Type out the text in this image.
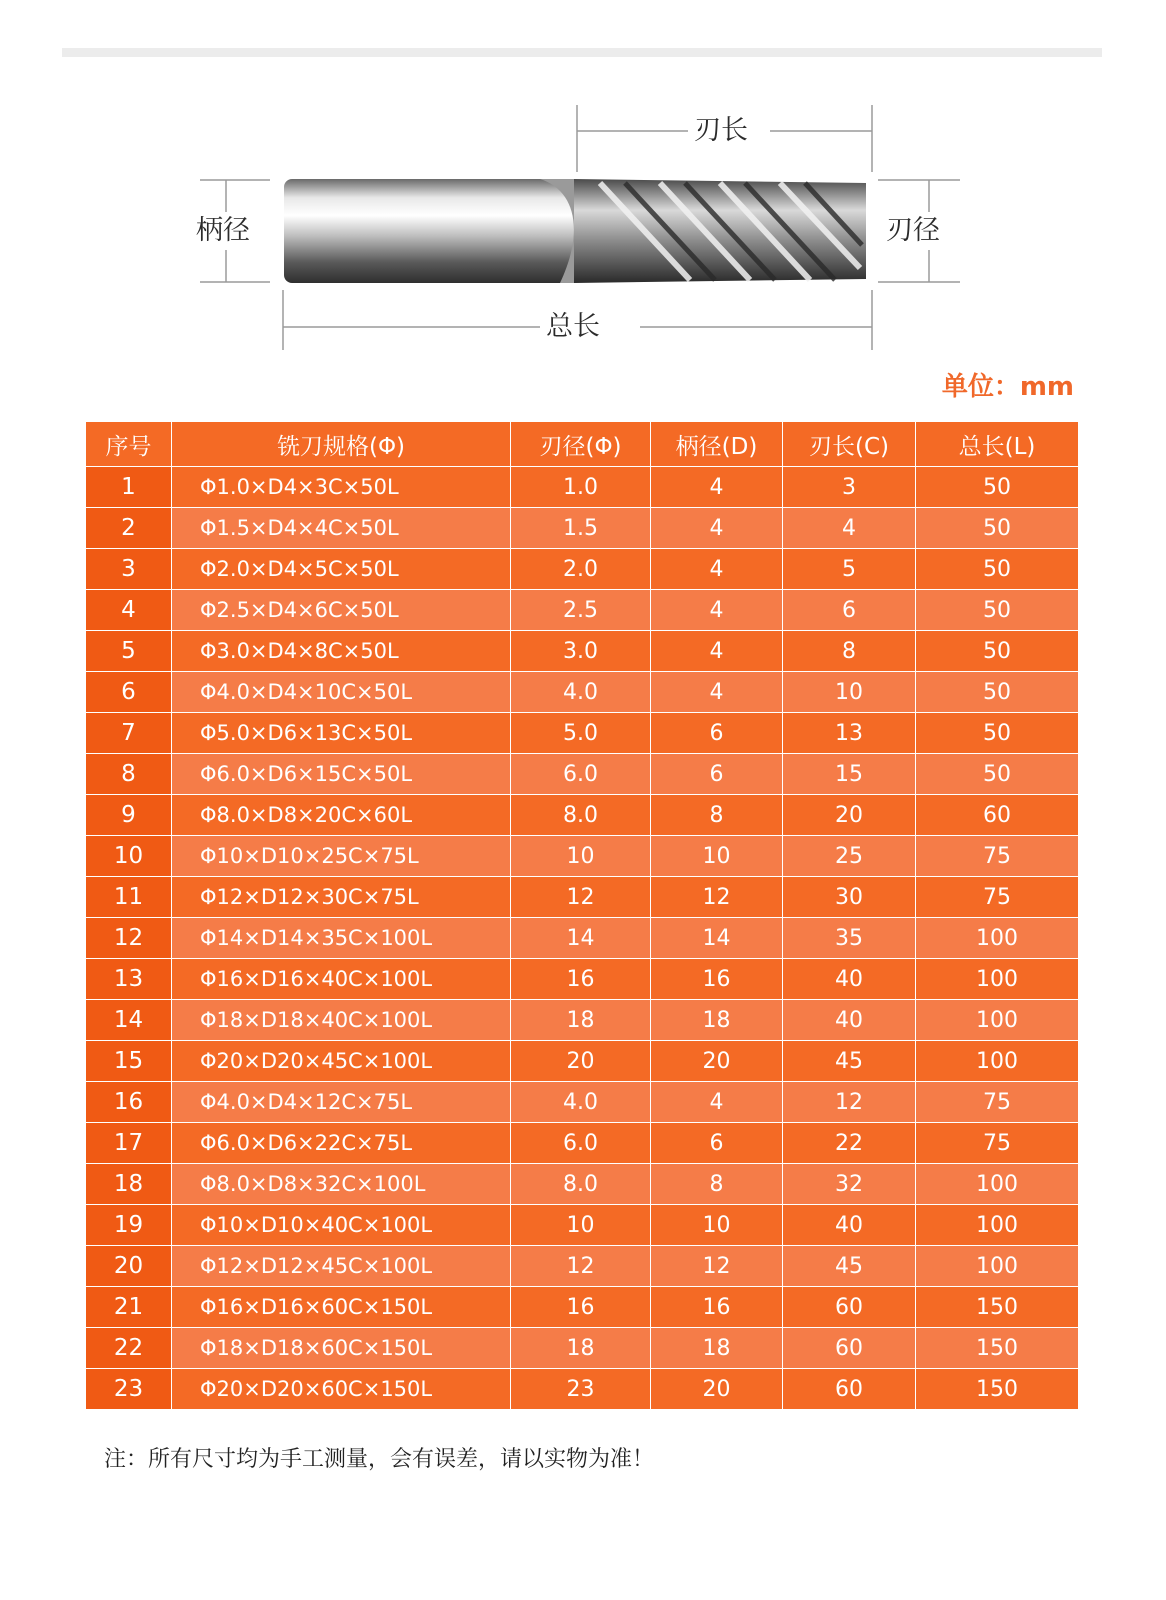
刃长
柄径	刃径
总长
单位：mm
序号	铣刀规格(Φ)	刃径(Φ)	柄径(D)	刃长(C)	总长(L)
1	Φ1.0×D4×3C×50L	1.0	4	3	50
2	Φ1.5×D4×4C×50L	1.5	4	4	50
3	Φ2.0×D4×5C×50L	2.0	4	5	50
4	Φ2.5×D4×6C×50L	2.5	4	6	50
5	Φ3.0×D4×8C×50L	3.0	4	8	50
6	Φ4.0×D4×10C×50L	4.0	4	10	50
7	Φ5.0×D6×13C×50L	5.0	6	13	50
8	Φ6.0×D6×15C×50L	6.0	6	15	50
9	Φ8.0×D8×20C×60L	8.0	8	20	60
10	Φ10×D10×25C×75L	10	10	25	75
11	Φ12×D12×30C×75L	12	12	30	75
12	Φ14×D14×35C×100L	14	14	35	100
13	Φ16×D16×40C×100L	16	16	40	100
14	Φ18×D18×40C×100L	18	18	40	100
15	Φ20×D20×45C×100L	20	20	45	100
16	Φ4.0×D4×12C×75L	4.0	4	12	75
17	Φ6.0×D6×22C×75L	6.0	6	22	75
18	Φ8.0×D8×32C×100L	8.0	8	32	100
19	Φ10×D10×40C×100L	10	10	40	100
20	Φ12×D12×45C×100L	12	12	45	100
21	Φ16×D16×60C×150L	16	16	60	150
22	Φ18×D18×60C×150L	18	18	60	150
23	Φ20×D20×60C×150L	23	20	60	150
注：所有尺寸均为手工测量，会有误差，请以实物为准！
